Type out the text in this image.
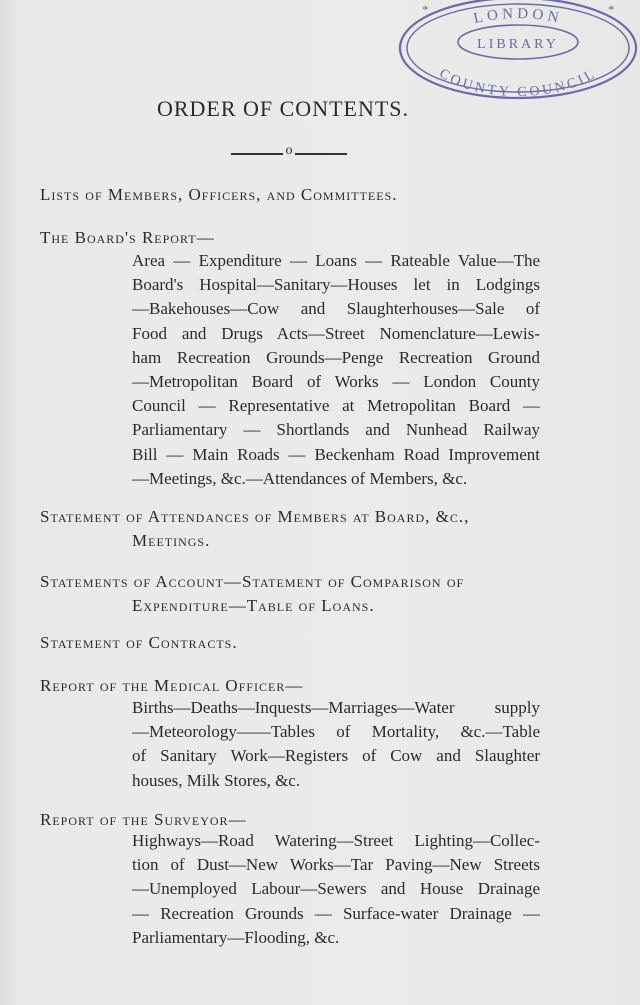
LONDON
LIBRARY
COUNTY COUNCIL
*	*
ORDER OF CONTENTS.
o
Lists of Members, Officers, and Committees.
The Board's Report—
Area — Expenditure — Loans — Rateable Value—The
Board's Hospital—Sanitary—Houses let in Lodgings
—Bakehouses—Cow and Slaughterhouses—Sale of
Food and Drugs Acts—Street Nomenclature—Lewis-
ham Recreation Grounds—Penge Recreation Ground
—Metropolitan Board of Works — London County
Council — Representative at Metropolitan Board —
Parliamentary — Shortlands and Nunhead Railway
Bill — Main Roads — Beckenham Road Improvement
—Meetings, &c.—Attendances of Members, &c.
Statement of Attendances of Members at Board, &c.,
Meetings.
Statements of Account—Statement of Comparison of
Expenditure—Table of Loans.
Statement of Contracts.
Report of the Medical Officer—
Births—Deaths—Inquests—Marriages—Water supply
—Meteorology——Tables of Mortality, &c.—Table
of Sanitary Work—Registers of Cow and Slaughter
houses, Milk Stores, &c.
Report of the Surveyor—
Highways—Road Watering—Street Lighting—Collec-
tion of Dust—New Works—Tar Paving—New Streets
—Unemployed Labour—Sewers and House Drainage
— Recreation Grounds — Surface-water Drainage —
Parliamentary—Flooding, &c.
